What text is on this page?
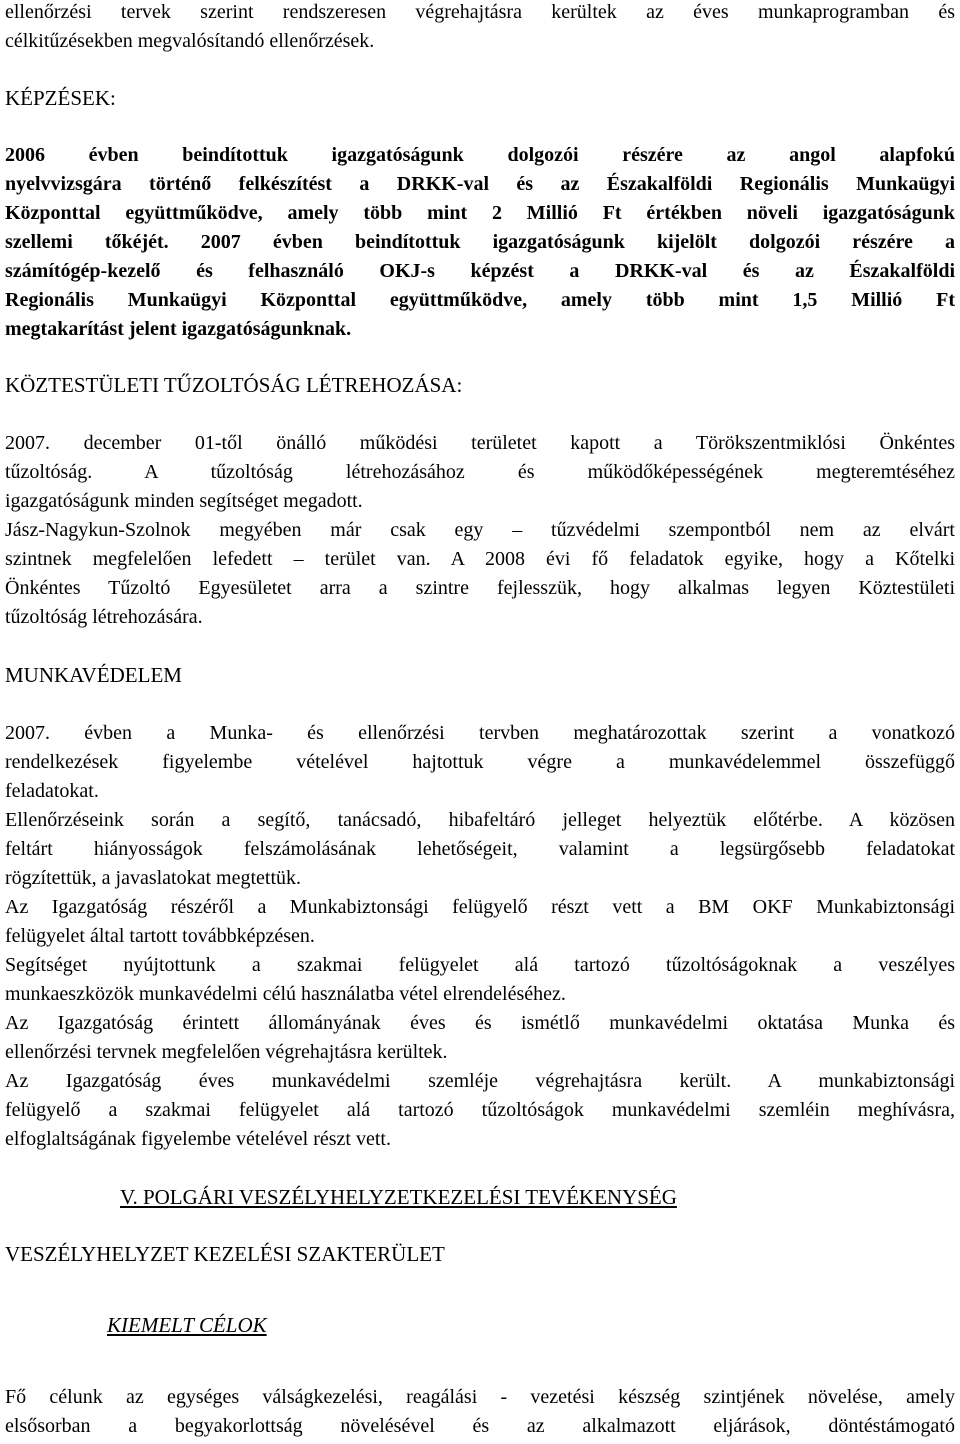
ellenőrzési tervek szerint rendszeresen végrehajtásra kerültek az éves munkaprogramban és

célkitűzésekben megvalósítandó ellenőrzések.

KÉPZÉSEK:

2006 évben beindítottuk igazgatóságunk dolgozói részére az angol alapfokú

nyelvvizsgára történő felkészítést a DRKK-val és az Északalföldi Regionális Munkaügyi

Központtal együttműködve, amely több mint 2 Millió Ft értékben növeli igazgatóságunk

szellemi tőkéjét. 2007 évben beindítottuk igazgatóságunk kijelölt dolgozói részére a

számítógép-kezelő és felhasználó OKJ-s képzést a DRKK-val és az Északalföldi

Regionális Munkaügyi Központtal együttműködve, amely több mint 1,5 Millió Ft

megtakarítást jelent igazgatóságunknak.

KÖZTESTÜLETI TŰZOLTÓSÁG LÉTREHOZÁSA:

2007. december 01-től önálló működési területet kapott a Törökszentmiklósi Önkéntes

tűzoltóság. A tűzoltóság létrehozásához és működőképességének megteremtéséhez

igazgatóságunk minden segítséget megadott.

Jász-Nagykun-Szolnok megyében már csak egy – tűzvédelmi szempontból nem az elvárt

szintnek megfelelően lefedett – terület van. A 2008 évi fő feladatok egyike, hogy a Kőtelki

Önkéntes Tűzoltó Egyesületet arra a szintre fejlesszük, hogy alkalmas legyen Köztestületi

tűzoltóság létrehozására.

MUNKAVÉDELEM

2007. évben a Munka- és ellenőrzési tervben meghatározottak szerint a vonatkozó

rendelkezések figyelembe vételével hajtottuk végre a munkavédelemmel összefüggő

feladatokat.

Ellenőrzéseink során a segítő, tanácsadó, hibafeltáró jelleget helyeztük előtérbe. A közösen

feltárt hiányosságok felszámolásának lehetőségeit, valamint a legsürgősebb feladatokat

rögzítettük, a javaslatokat megtettük.

Az Igazgatóság részéről a Munkabiztonsági felügyelő részt vett a BM OKF Munkabiztonsági

felügyelet által tartott továbbképzésen.

Segítséget nyújtottunk a szakmai felügyelet alá tartozó tűzoltóságoknak a veszélyes

munkaeszközök munkavédelmi célú használatba vétel elrendeléséhez.

Az Igazgatóság érintett állományának éves és ismétlő munkavédelmi oktatása Munka és

ellenőrzési tervnek megfelelően végrehajtásra kerültek.

Az Igazgatóság éves munkavédelmi szemléje végrehajtásra került. A munkabiztonsági

felügyelő a szakmai felügyelet alá tartozó tűzoltóságok munkavédelmi szemléin meghívásra,

elfoglaltságának figyelembe vételével részt vett.

V. POLGÁRI VESZÉLYHELYZETKEZELÉSI TEVÉKENYSÉG

VESZÉLYHELYZET KEZELÉSI SZAKTERÜLET

KIEMELT CÉLOK

Fő célunk az egységes válságkezelési, reagálási - vezetési készség szintjének növelése, amely

elsősorban a begyakorlottság növelésével és az alkalmazott eljárások, döntéstámogató
